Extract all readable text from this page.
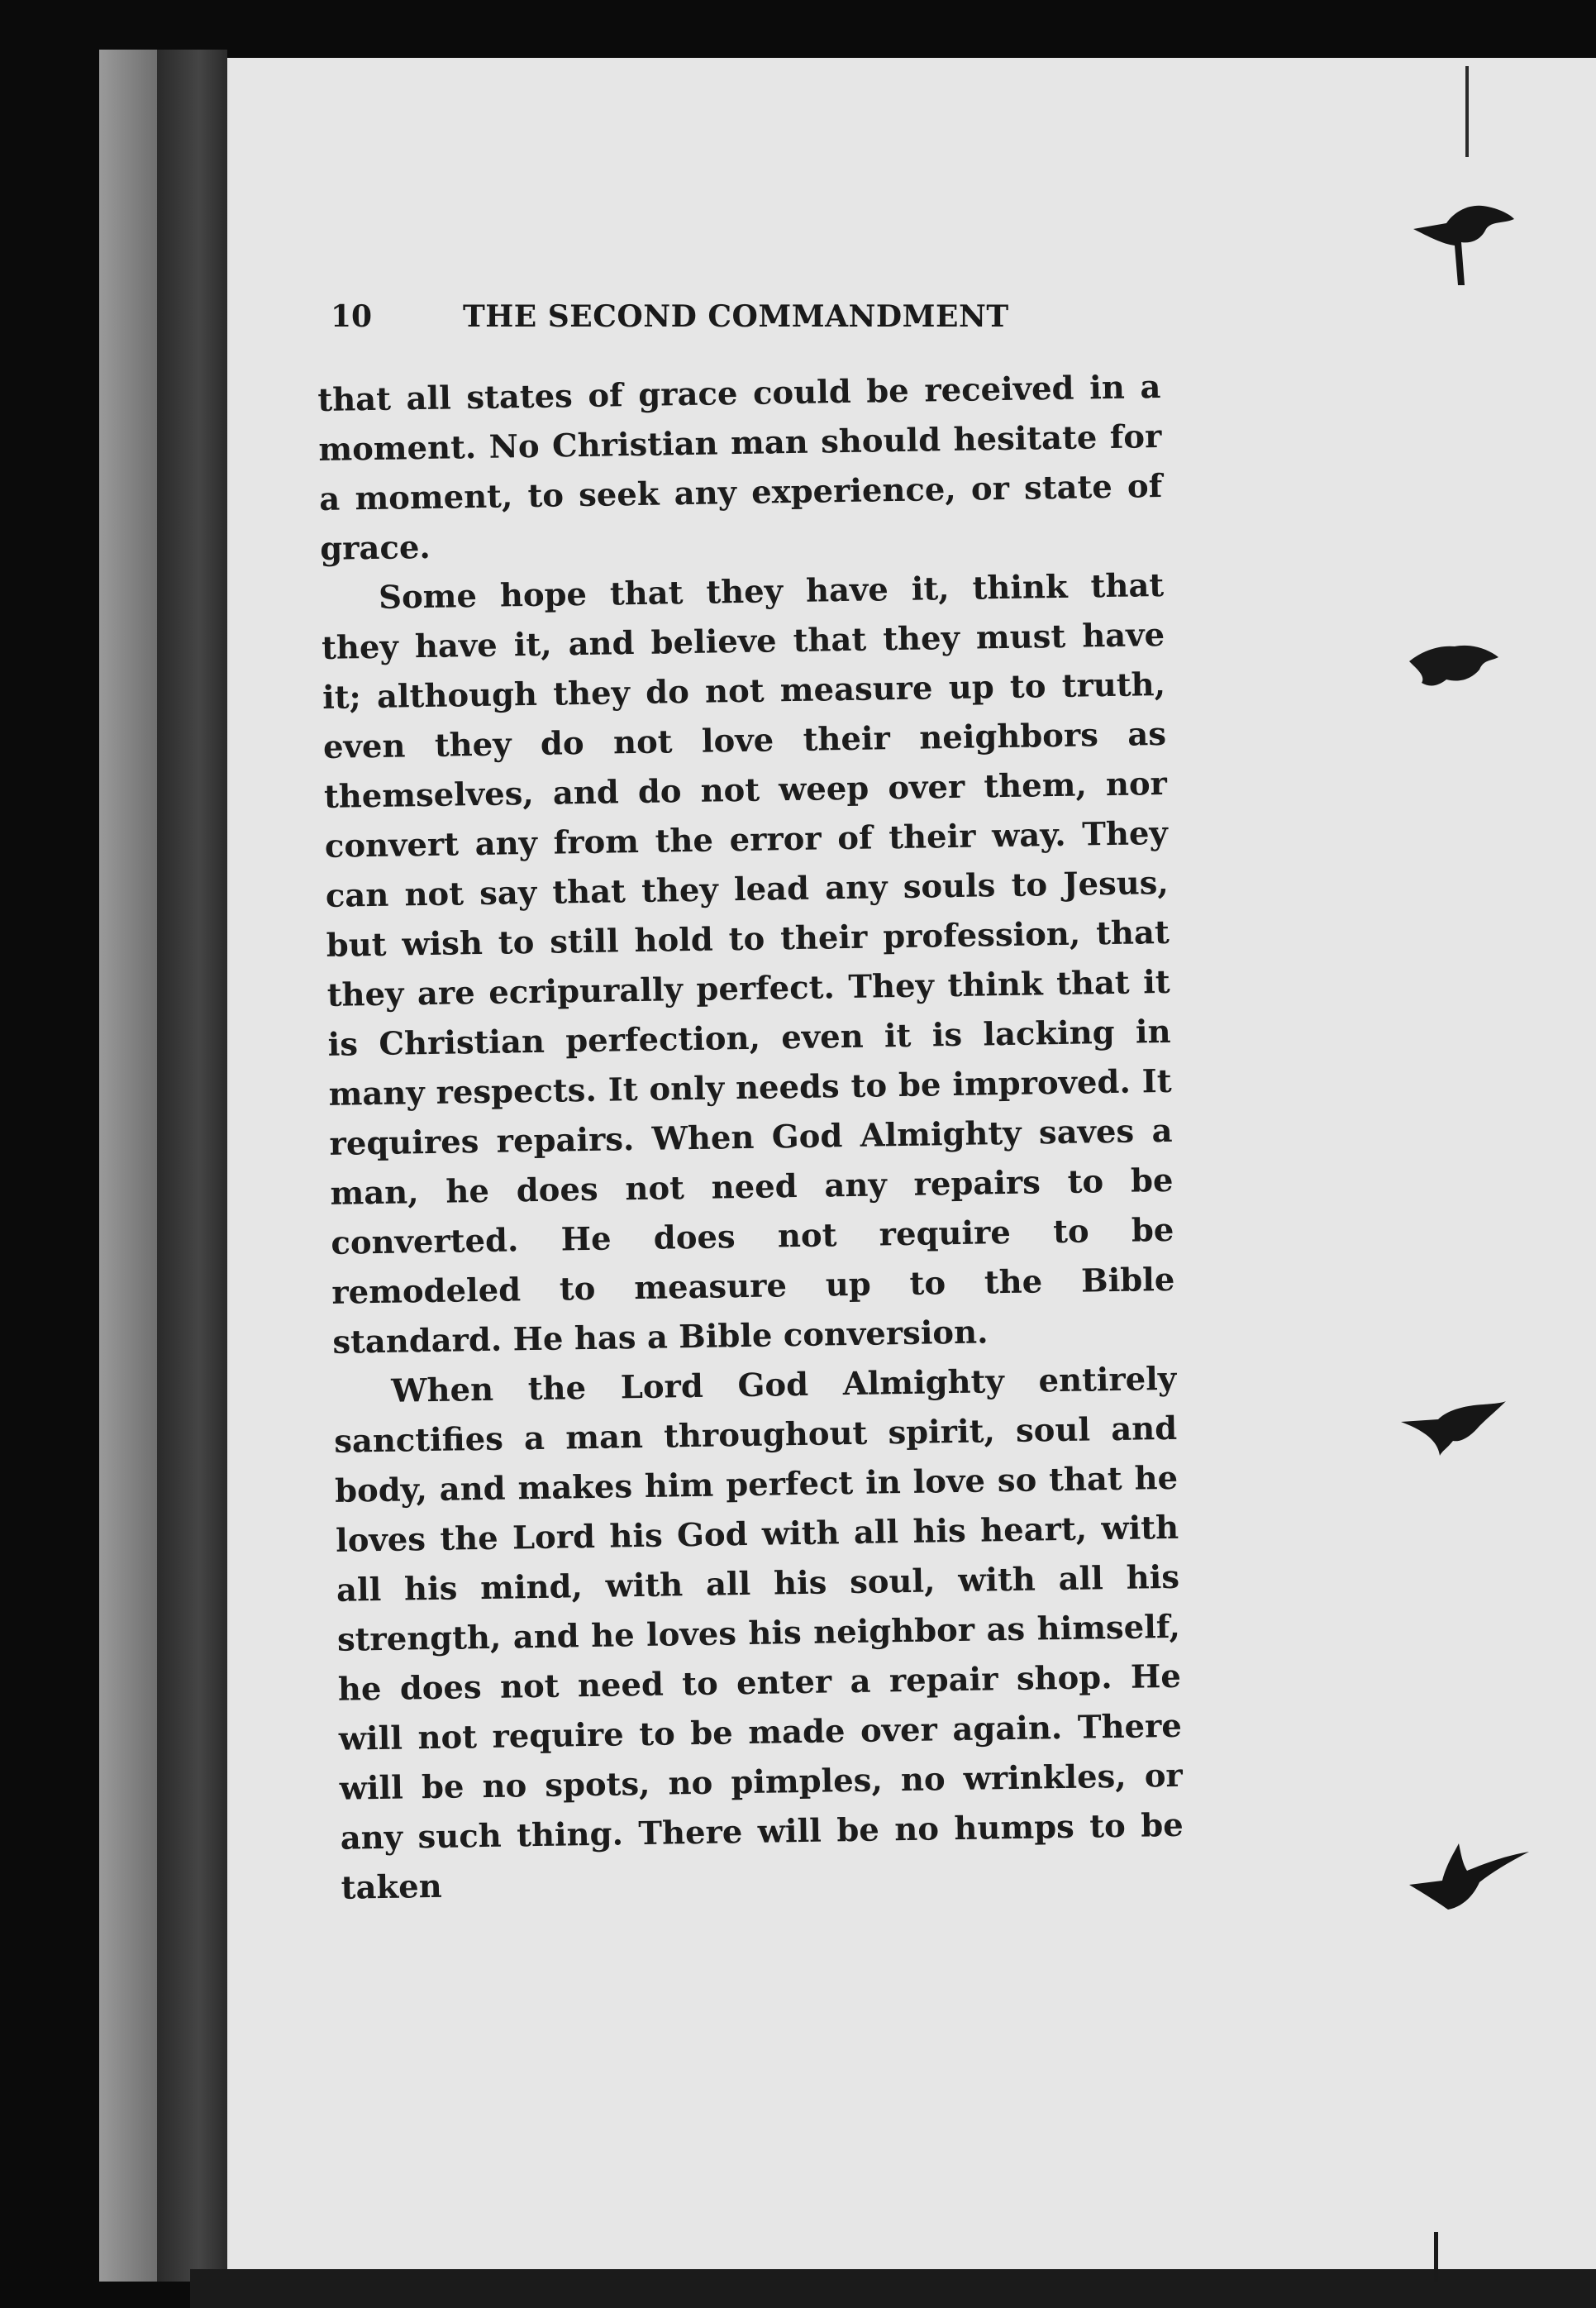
10	THE SECOND COMMANDMENT

that all states of grace could be received in a moment. No Christian man should hesitate for a moment, to seek any experience, or state of grace.

Some hope that they have it, think that they have it, and believe that they must have it; although they do not measure up to truth, even they do not love their neighbors as themselves, and do not weep over them, nor convert any from the error of their way. They can not say that they lead any souls to Jesus, but wish to still hold to their profession, that they are ecripurally perfect. They think that it is Christian perfection, even it is lacking in many respects. It only needs to be improved. It requires repairs. When God Almighty saves a man, he does not need any repairs to be converted. He does not require to be remodeled to measure up to the Bible standard. He has a Bible conversion.

When the Lord God Almighty entirely sanctifies a man throughout spirit, soul and body, and makes him perfect in love so that he loves the Lord his God with all his heart, with all his mind, with all his soul, with all his strength, and he loves his neighbor as himself, he does not need to enter a repair shop. He will not require to be made over again. There will be no spots, no pimples, no wrinkles, or any such thing. There will be no humps to be taken
